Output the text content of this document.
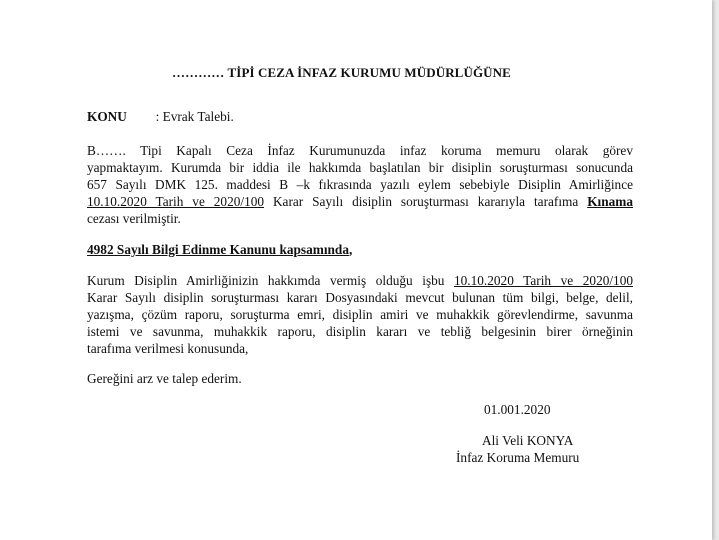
………… TİPİ CEZA İNFAZ KURUMU MÜDÜRLÜĞÜNE
KONU : Evrak Talebi.
B……. Tipi Kapalı Ceza İnfaz Kurumunuzda infaz koruma memuru olarak görev
yapmaktayım. Kurumda bir iddia ile hakkımda başlatılan bir disiplin soruşturması sonucunda
657 Sayılı DMK 125. maddesi B –k fıkrasında yazılı eylem sebebiyle Disiplin Amirliğince
10.10.2020 Tarih ve 2020/100 Karar Sayılı disiplin soruşturması kararıyla tarafıma Kınama
cezası verilmiştir.
4982 Sayılı Bilgi Edinme Kanunu kapsamında,
Kurum Disiplin Amirliğinizin hakkımda vermiş olduğu işbu 10.10.2020 Tarih ve 2020/100
Karar Sayılı disiplin soruşturması kararı Dosyasındaki mevcut bulunan tüm bilgi, belge, delil,
yazışma, çözüm raporu, soruşturma emri, disiplin amiri ve muhakkik görevlendirme, savunma
istemi ve savunma, muhakkik raporu, disiplin kararı ve tebliğ belgesinin birer örneğinin
tarafıma verilmesi konusunda,
Gereğini arz ve talep ederim.
01.001.2020
Ali Veli KONYA
İnfaz Koruma Memuru
